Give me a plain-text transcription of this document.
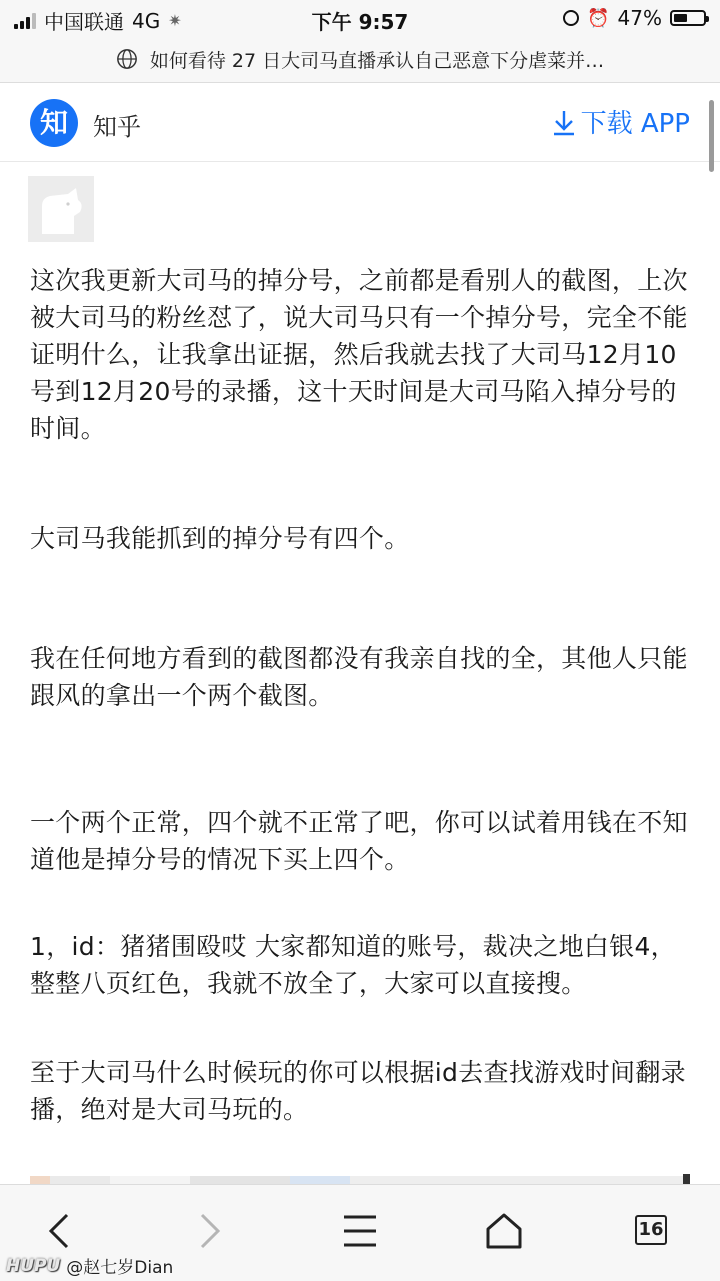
中国联通 4G ✷	下午 9:57	⏰ 47%
如何看待 27 日大司马直播承认自己恶意下分虐菜并…
知	知乎	下载 APP

这次我更新大司马的掉分号，之前都是看别人的截图，上次被大司马的粉丝怼了，说大司马只有一个掉分号，完全不能证明什么，让我拿出证据，然后我就去找了大司马12月10号到12月20号的录播，这十天时间是大司马陷入掉分号的时间。

大司马我能抓到的掉分号有四个。

我在任何地方看到的截图都没有我亲自找的全，其他人只能跟风的拿出一个两个截图。

一个两个正常，四个就不正常了吧，你可以试着用钱在不知道他是掉分号的情况下买上四个。

1，id：猪猪围殴哎 大家都知道的账号，裁决之地白银4，整整八页红色，我就不放全了，大家可以直接搜。

至于大司马什么时候玩的你可以根据id去查找游戏时间翻录播，绝对是大司马玩的。

16
HUPU @赵七岁Dian
